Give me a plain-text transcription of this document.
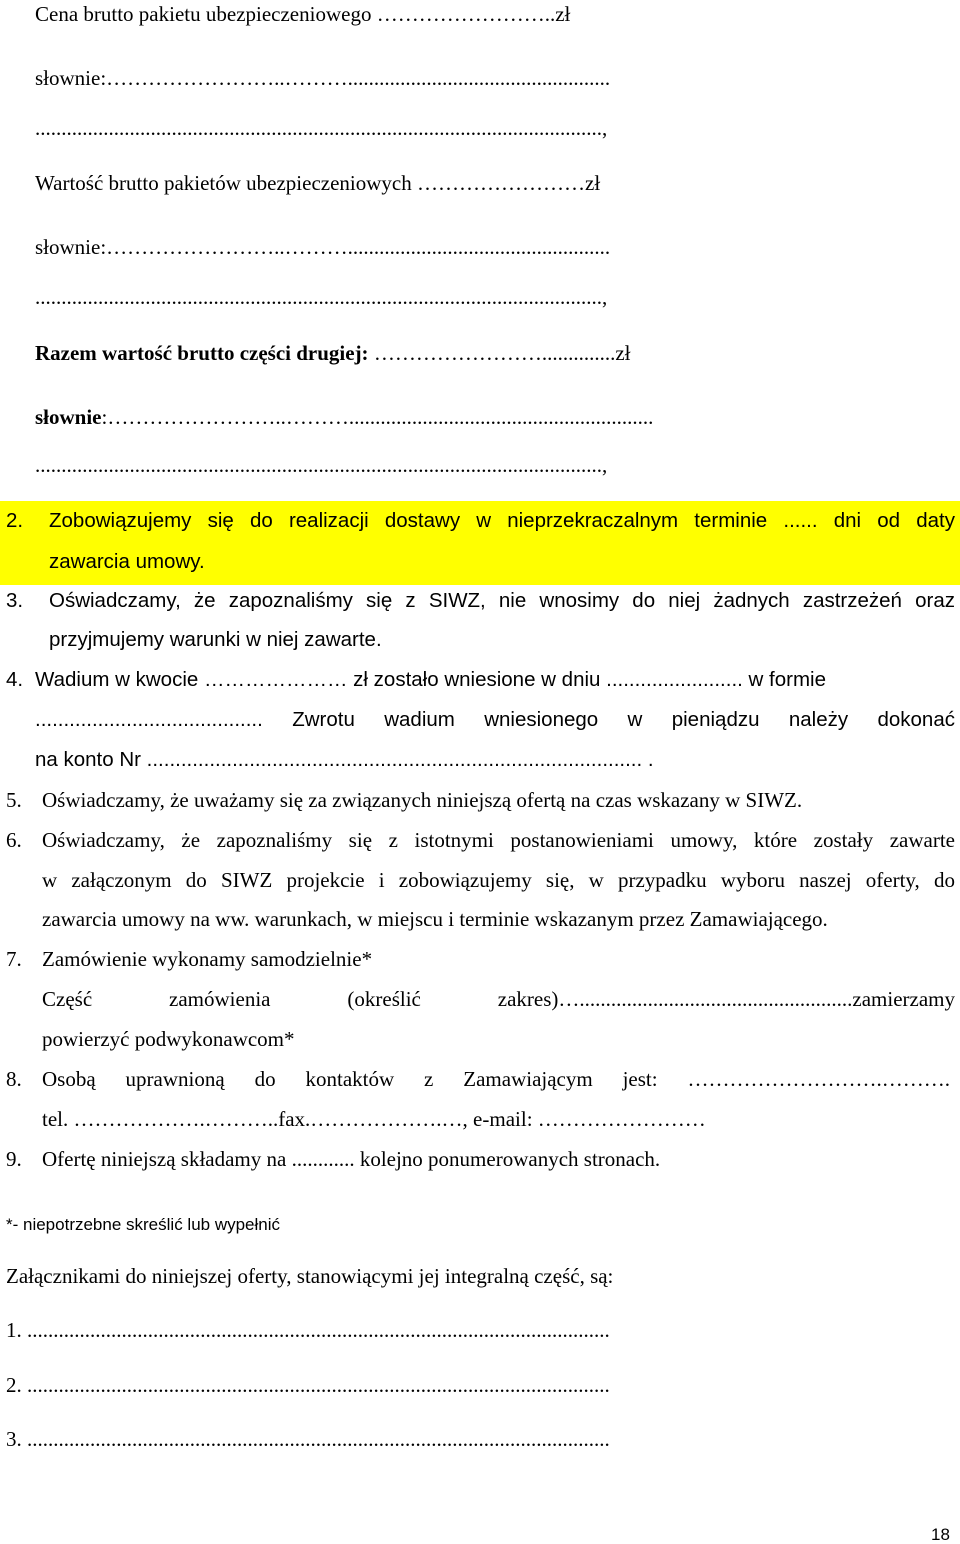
Cena brutto pakietu ubezpieczeniowego ……………………..zł

słownie:……………………..………..................................................

............................................................................................................,

Wartość brutto pakietów ubezpieczeniowych ……………………zł

słownie:……………………..………..................................................

............................................................................................................,

Razem wartość brutto części drugiej: ……………………..............zł

słownie:……………………..………..........................................................

............................................................................................................,

2. Zobowiązujemy się do realizacji dostawy w nieprzekraczalnym terminie ...... dni od daty

zawarcia umowy.

3. Oświadczamy, że zapoznaliśmy się z SIWZ, nie wnosimy do niej żadnych zastrzeżeń oraz

przyjmujemy warunki w niej zawarte.

4. Wadium w kwocie ………………… zł zostało wniesione w dniu ........................ w formie

........................................ Zwrotu wadium wniesionego w pieniądzu należy dokonać

na konto Nr ....................................................................................... .

5. Oświadczamy, że uważamy się za związanych niniejszą ofertą na czas wskazany w SIWZ.

6. Oświadczamy, że zapoznaliśmy się z istotnymi postanowieniami umowy, które zostały zawarte

w załączonym do SIWZ projekcie i zobowiązujemy się, w przypadku wyboru naszej oferty, do

zawarcia umowy na ww. warunkach, w miejscu i terminie wskazanym przez Zamawiającego.

7. Zamówienie wykonamy samodzielnie*

Część zamówienia (określić zakres)…....................................................zamierzamy

powierzyć podwykonawcom*

8. Osobą uprawnioną do kontaktów z Zamawiającym jest: ……………………….……….

tel. ……………….………..fax.……………….…, e-mail: ……………………

9. Ofertę niniejszą składamy na ............ kolejno ponumerowanych stronach.

*- niepotrzebne skreślić lub wypełnić

Załącznikami do niniejszej oferty, stanowiącymi jej integralną część, są:

1. ...............................................................................................................

2. ...............................................................................................................

3. ...............................................................................................................

18
